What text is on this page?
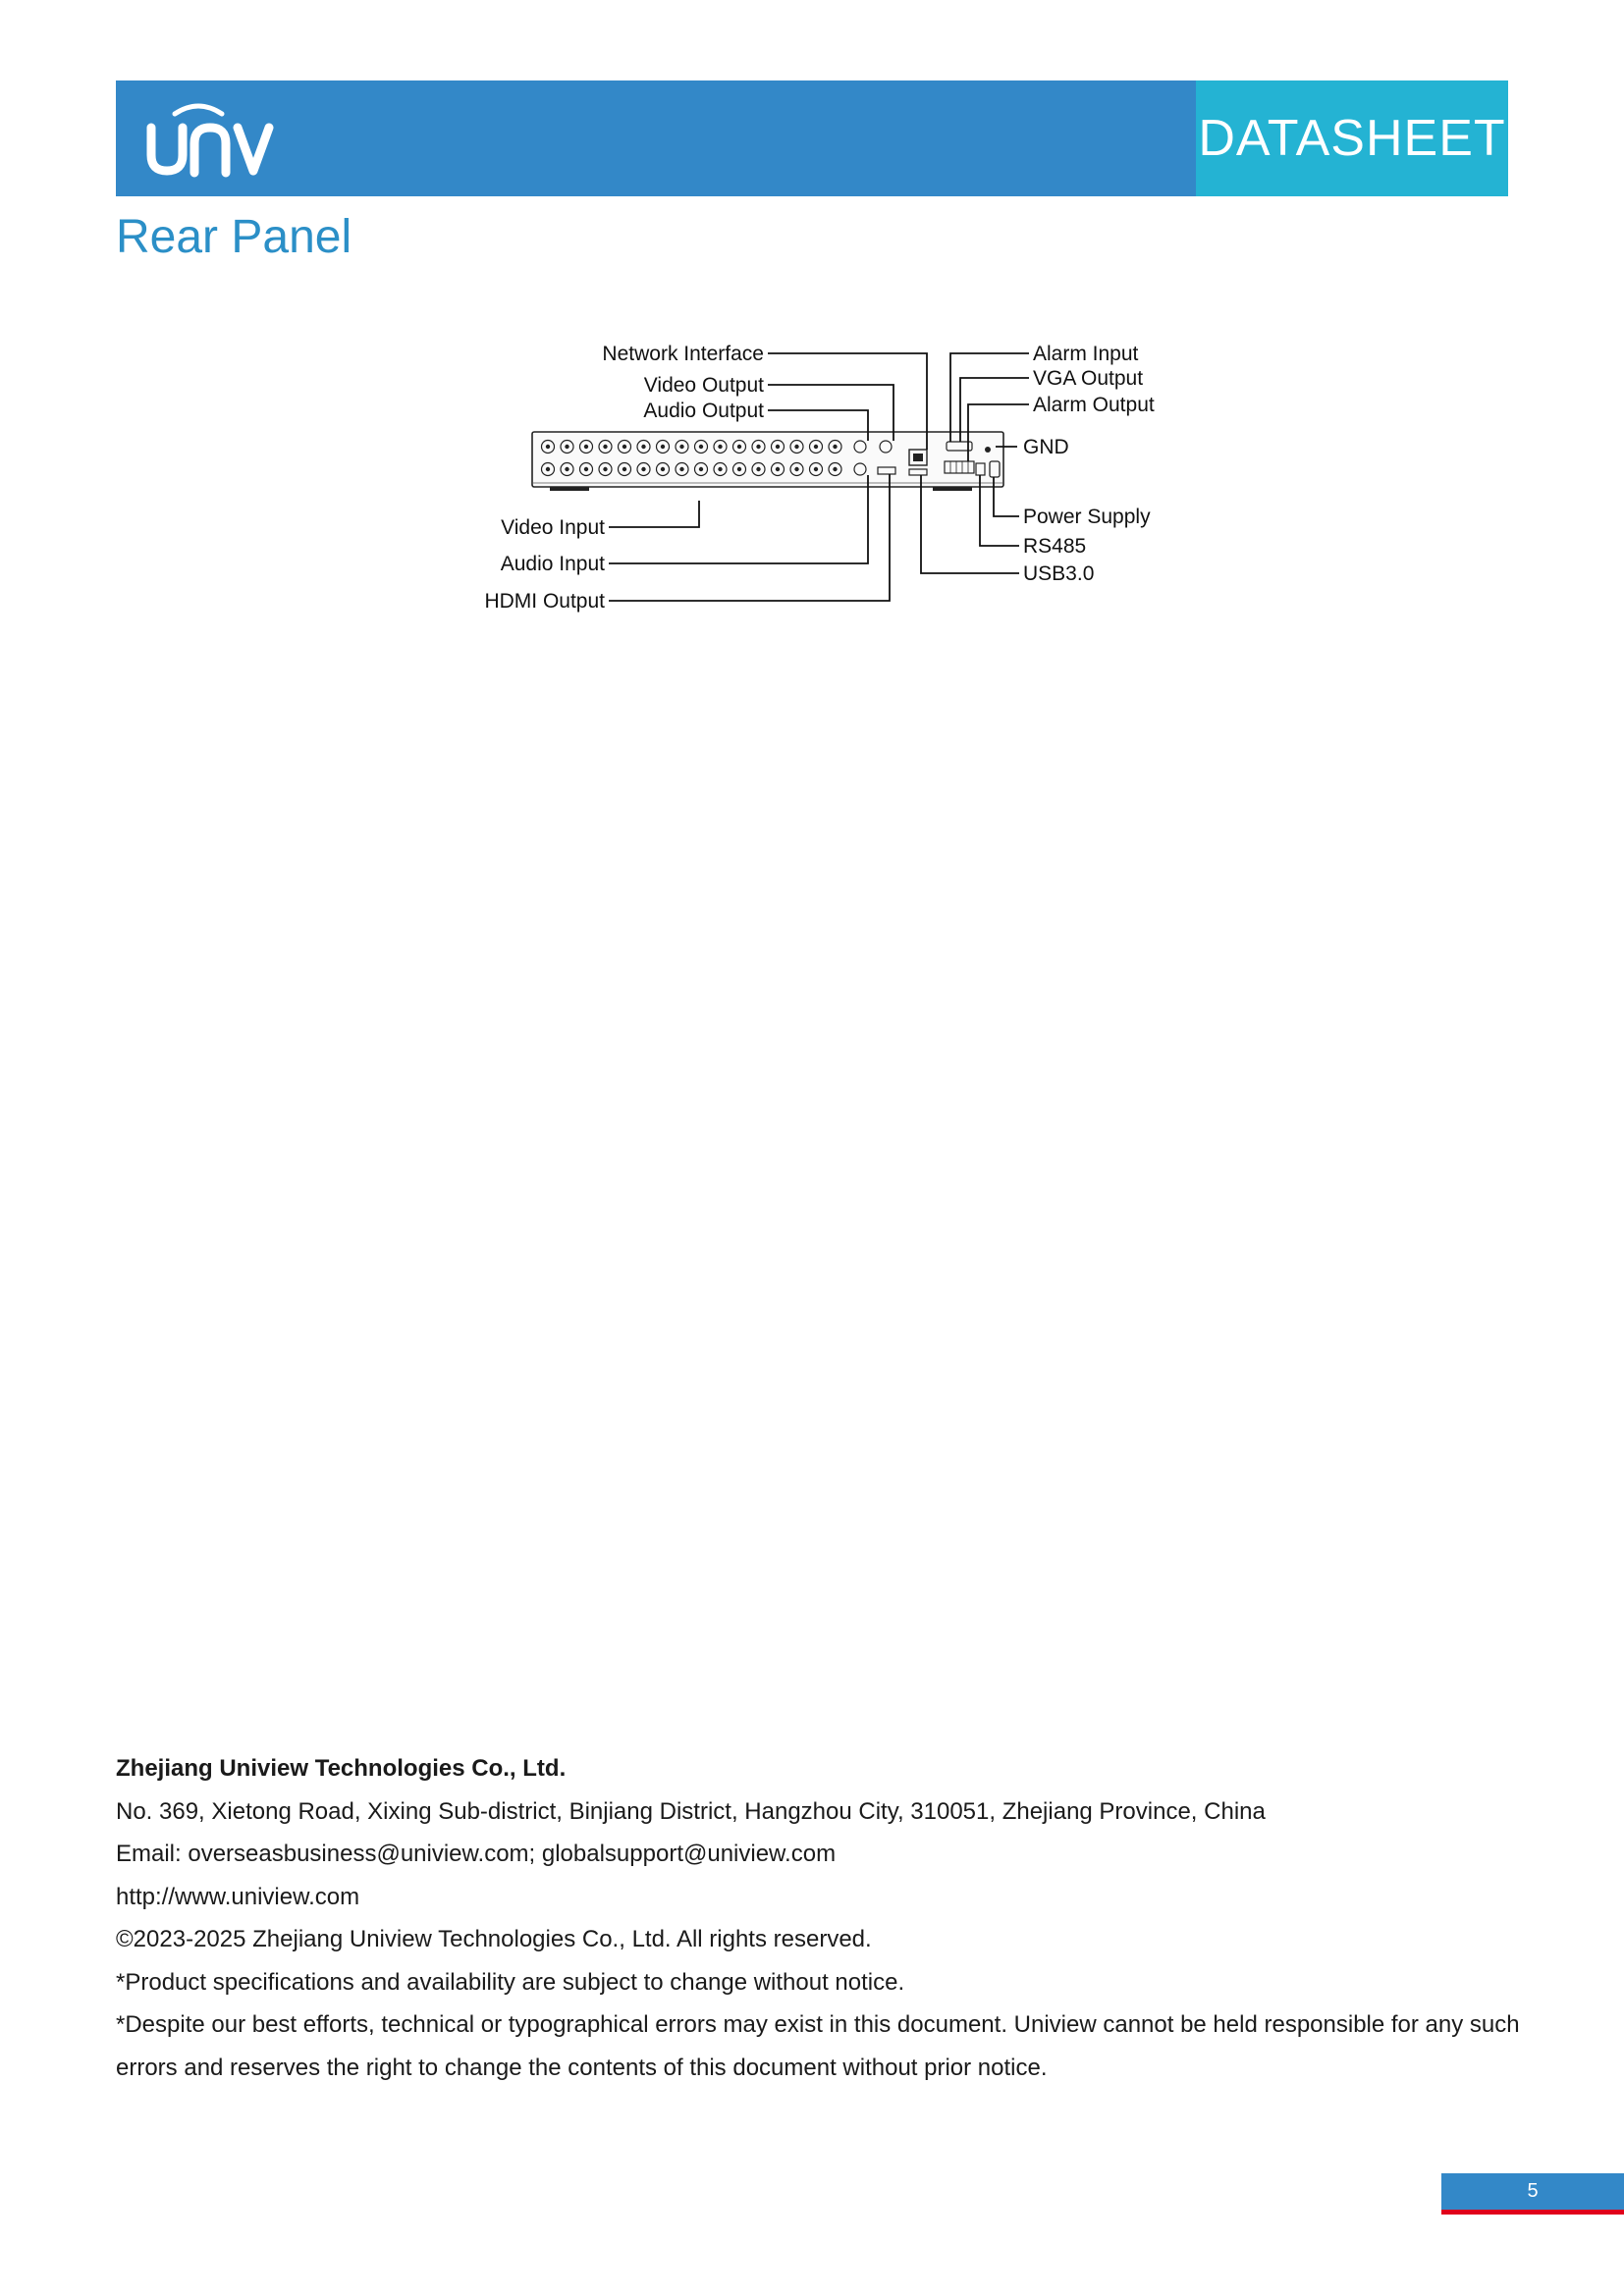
DATASHEET
Rear Panel
Network Interface
Video Output
Audio Output
Alarm Input
VGA Output
Alarm Output
GND
Video Input
Audio Input
HDMI Output
Power Supply
RS485
USB3.0

Zhejiang Uniview Technologies Co., Ltd.

No. 369, Xietong Road, Xixing Sub-district, Binjiang District, Hangzhou City, 310051, Zhejiang Province, China

Email: overseasbusiness@uniview.com; globalsupport@uniview.com

http://www.uniview.com

©2023-2025 Zhejiang Uniview Technologies Co., Ltd. All rights reserved.

*Product specifications and availability are subject to change without notice.

*Despite our best efforts, technical or typographical errors may exist in this document. Uniview cannot be held responsible for any such errors and reserves the right to change the contents of this document without prior notice.

5
